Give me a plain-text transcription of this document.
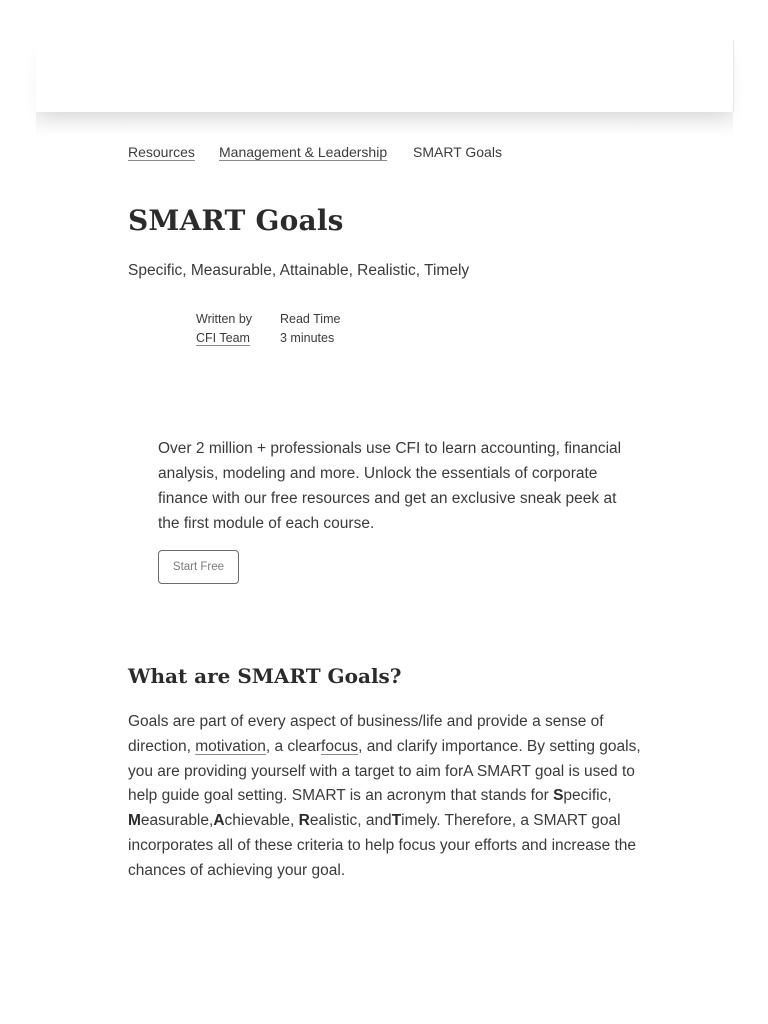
Resources Management & Leadership SMART Goals
SMART Goals
Specific, Measurable, Attainable, Realistic, Timely
Written by
CFI Team
Read Time
3 minutes
Over 2 million + professionals use CFI to learn accounting, financial analysis, modeling and more. Unlock the essentials of corporate finance with our free resources and get an exclusive sneak peek at the first module of each course.
Start Free
What are SMART Goals?

Goals are part of every aspect of business/life and provide a sense of direction, motivation, a clearfocus, and clarify importance. By setting goals, you are providing yourself with a target to aim forA SMART goal is used to help guide goal setting. SMART is an acronym that stands for Specific, Measurable,Achievable, Realistic, andTimely. Therefore, a SMART goal incorporates all of these criteria to help focus your efforts and increase the chances of achieving your goal.
